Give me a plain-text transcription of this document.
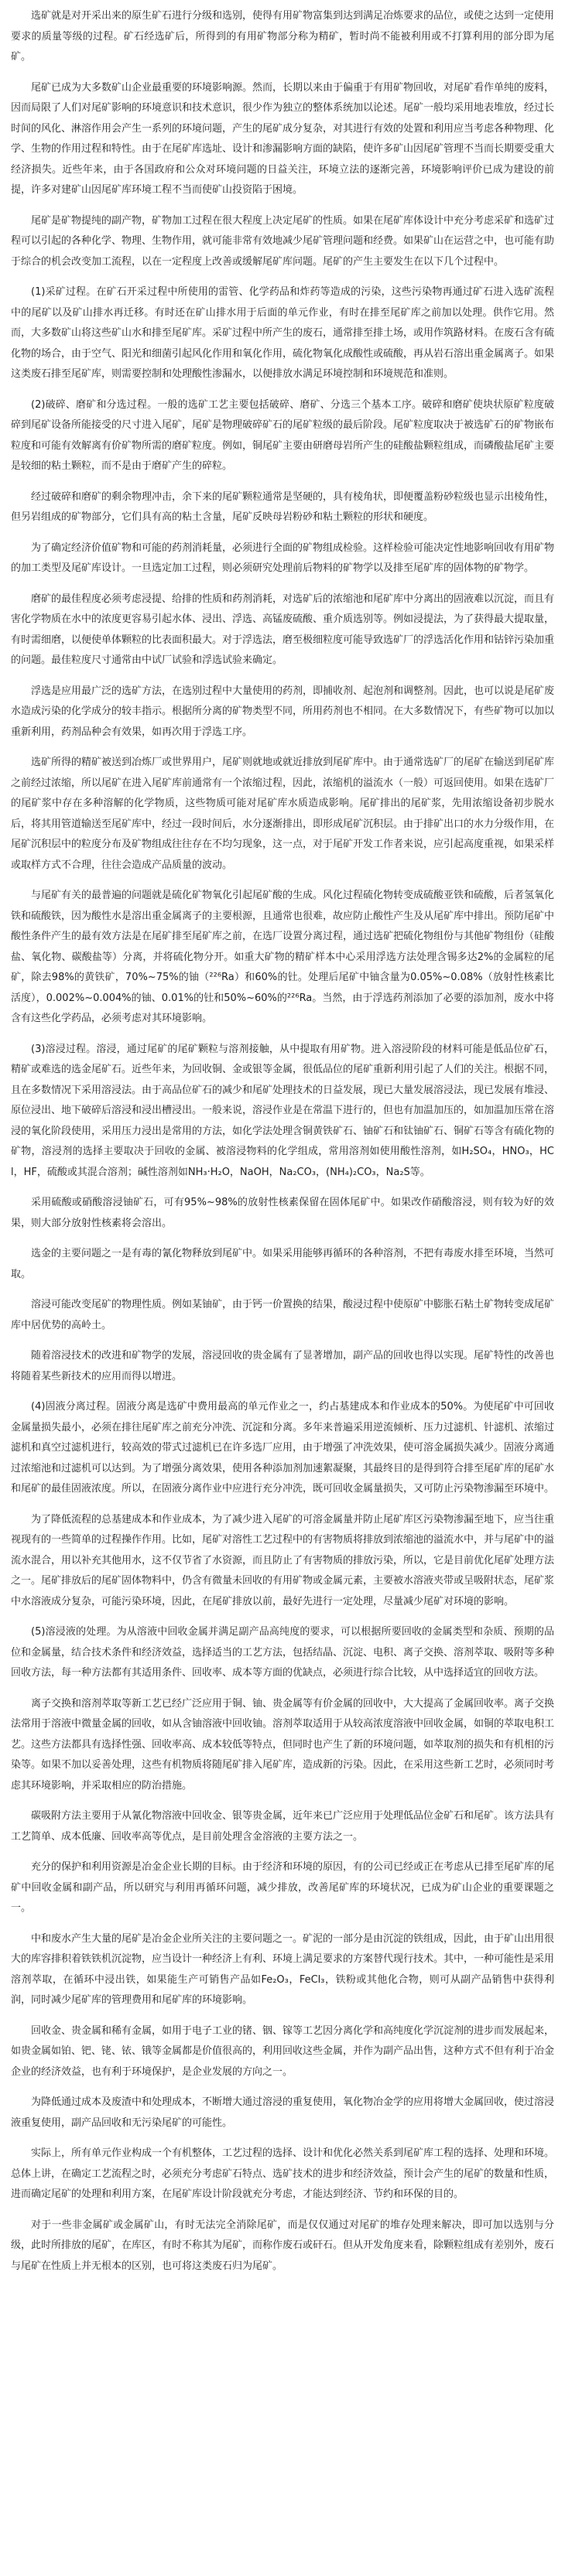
选矿就是对开采出来的原生矿石进行分级和选别，使得有用矿物富集到达到满足冶炼要求的品位，或使之达到一定使用要求的质量等级的过程。矿石经选矿后，所得到的有用矿物部分称为精矿，暂时尚不能被利用或不打算利用的部分即为尾矿。

尾矿已成为大多数矿山企业最重要的环境影响源。然而，长期以来由于偏重于有用矿物回收，对尾矿看作单纯的废料，因而局限了人们对尾矿影响的环境意识和技术意识，很少作为独立的整体系统加以论述。尾矿一般均采用地表堆放，经过长时间的风化、淋溶作用会产生一系列的环境问题，产生的尾矿成分复杂，对其进行有效的处置和利用应当考虑各种物理、化学、生物的作用过程和特性。由于在尾矿库选址、设计和渗漏影响方面的缺陷，使许多矿山因尾矿管理不当而长期要受重大经济损失。近些年来，由于各国政府和公众对环境问题的日益关注，环境立法的逐渐完善，环境影响评价已成为建设的前提，许多对建矿山因尾矿库环境工程不当而使矿山投资陷于困境。

尾矿是矿物提纯的副产物，矿物加工过程在很大程度上决定尾矿的性质。如果在尾矿库体设计中充分考虑采矿和选矿过程可以引起的各种化学、物理、生物作用，就可能非常有效地减少尾矿管理问题和经费。如果矿山在运营之中，也可能有助于综合的机会改变加工流程，以在一定程度上改善或缓解尾矿库问题。尾矿的产生主要发生在以下几个过程中。

(1)采矿过程。在矿石开采过程中所使用的雷管、化学药品和炸药等造成的污染，这些污染物再通过矿石进入选矿流程中的尾矿以及矿山排水再迁移。有时还在矿山排水用于后面的单元作业，有时在排至尾矿库之前加以处理。供作它用。然而，大多数矿山将这些矿山水和排至尾矿库。采矿过程中所产生的废石，通常排至排土场，或用作筑路材料。在废石含有硫化物的场合，由于空气、阳光和细菌引起风化作用和氧化作用，硫化物氧化成酸性或硫酸，再从岩石溶出重金属离子。如果这类废石排至尾矿库，则需要控制和处理酸性渗漏水，以便排放水满足环境控制和环境规范和准则。

(2)破碎、磨矿和分选过程。一般的选矿工艺主要包括破碎、磨矿、分选三个基本工序。破碎和磨矿使块状原矿粒度破碎到尾矿设备所能接受的尺寸进入尾矿，尾矿是物理破碎矿石的尾矿粒级的最后阶段。尾矿粒度取决于被选矿石的矿物嵌布粒度和可能有效解离有价矿物所需的磨矿粒度。例如，铜尾矿主要由研磨母岩所产生的硅酸盐颗粒组成，而磷酸盐尾矿主要是较细的粘土颗粒，而不是由于磨矿产生的碎粒。

经过破碎和磨矿的剩余物理冲击，余下来的尾矿颗粒通常是坚硬的，具有棱角状，即便覆盖粉砂粒级也显示出棱角性，但另岩组成的矿物部分，它们具有高的粘土含量，尾矿反映母岩粉砂和粘土颗粒的形状和硬度。

为了确定经济价值矿物和可能的药剂消耗量，必须进行全面的矿物组成检验。这样检验可能决定性地影响回收有用矿物的加工类型及尾矿库设计。一旦选定加工过程，则必须研究处理前后物料的矿物学以及排至尾矿库的固体物的矿物学。

磨矿的最佳程度必须考虑浸提、给排的性质和药剂消耗，对选矿后的浓缩池和尾矿库中分离出的固液难以沉淀，而且有害化学物质在水中的浓度更容易引起水体、浸出、浮选、高锰废硫酸、重介质选别等。例如浸提法，为了获得最大提取量，有时需细磨，以便使单体颗粒的比表面积最大。对于浮选法，磨至极细粒度可能导致选矿厂的浮选活化作用和钴锌污染加重的问题。最佳粒度尺寸通常由中试厂试验和浮选试验来确定。

浮选是应用最广泛的选矿方法，在选别过程中大量使用的药剂，即捕收剂、起泡剂和调整剂。因此，也可以说是尾矿废水造成污染的化学成分的较丰指示。根据所分离的矿物类型不同，所用药剂也不相同。在大多数情况下，有些矿物可以加以重新利用，药剂品种会有效果，如再次用于浮选工序。

选矿所得的精矿被送到冶炼厂或世界用户，尾矿则就地或就近排放到尾矿库中。由于通常选矿厂的尾矿在输送到尾矿库之前经过浓缩，所以尾矿在进入尾矿库前通常有一个浓缩过程，因此，浓缩机的溢流水（一般）可返回使用。如果在选矿厂的尾矿浆中存在多种溶解的化学物质，这些物质可能对尾矿库水质造成影响。尾矿排出的尾矿浆，先用浓缩设备初步脱水后，将其用管道输送至尾矿库中，经过一段时间后，水分逐渐排出，即形成尾矿沉积层。由于排矿出口的水力分级作用，在尾矿沉积层中的粒度分布及矿物组成往往存在不均匀现象，这一点，对于尾矿开发工作者来说，应引起高度重视，如果采样或取样方式不合理，往往会造成产品质量的波动。

与尾矿有关的最普遍的问题就是硫化矿物氧化引起尾矿酸的生成。风化过程硫化物转变成硫酸亚铁和硫酸，后者氢氧化铁和硫酸铁，因为酸性水是溶出重金属离子的主要根源，且通常也很难，故应防止酸性产生及从尾矿库中排出。预防尾矿中酸性条件产生的最有效方法是在尾矿排至尾矿库之前，在选厂设置分离过程，通过选矿把硫化物组份与其他矿物组份（硅酸盐、氧化物、碳酸盐等）分离，并将硫化物分开。如重大矿物的精矿样本中心采用浮选方法处理含锡多达2%的金属粒的尾矿，除去98%的黄铁矿，70%~75%的铀（²²⁶Ra）和60%的钍。处理后尾矿中铀含量为0.05%~0.08%（放射性核素比活度），0.002%~0.004%的铀、0.01%的钍和50%~60%的²²⁶Ra。当然，由于浮选药剂添加了必要的添加剂，废水中将含有这些化学药品，必须考虑对其环境影响。

(3)溶浸过程。溶浸，通过尾矿的尾矿颗粒与溶剂接触，从中提取有用矿物。进入溶浸阶段的材料可能是低品位矿石，精矿或难选的选金尾矿石。近些年来，为回收铜、金或银等金属，很低品位的尾矿重新利用引起了人们的关注。根据不同，且在多数情况下采用溶浸法。由于高品位矿石的减少和尾矿处理技术的日益发展，现已大量发展溶浸法，现已发展有堆浸、原位浸出、地下破碎后溶浸和浸出槽浸出。一般来说，溶浸作业是在常温下进行的，但也有加温加压的，如加温加压常在溶浸的氧化阶段使用，采用压力浸出是常用的方法，如化学法处理含铜黄铁矿石、铀矿石和钛铀矿石、铜矿石等含有硫化物的矿物，溶浸剂的选择主要取决于回收的金属、被溶浸物料的化学组成，常用溶剂如使用酸性溶剂，如H₂SO₄，HNO₃，HCl，HF，硫酸或其混合溶剂；碱性溶剂如NH₃·H₂O，NaOH，Na₂CO₃，(NH₄)₂CO₃，Na₂S等。

采用硫酸或硝酸溶浸铀矿石，可有95%~98%的放射性核素保留在固体尾矿中。如果改作硝酸溶浸，则有较为好的效果，则大部分放射性核素将会溶出。

选金的主要问题之一是有毒的氰化物释放到尾矿中。如果采用能够再循环的各种溶剂，不把有毒废水排至环境，当然可取。

溶浸可能改变尾矿的物理性质。例如某铀矿，由于钙一价置换的结果，酸浸过程中使原矿中膨胀石粘土矿物转变成尾矿库中居优势的高岭土。

随着溶浸技术的改进和矿物学的发展，溶浸回收的贵金属有了显著增加，副产品的回收也得以实现。尾矿特性的改善也将随着某些新技术的应用而得以增进。

(4)固液分离过程。固液分离是选矿中费用最高的单元作业之一，约占基建成本和作业成本的50%。为使尾矿中可回收金属量损失最小，必须在排往尾矿库之前充分冲洗、沉淀和分离。多年来普遍采用逆流倾析、压力过滤机、针滤机、浓缩过滤机和真空过滤机进行，较高效的带式过滤机已在许多选厂应用，由于增强了冲洗效果，使可溶金属损失减少。固液分离通过浓缩池和过滤机可以达到。为了增强分离效果，使用各种添加剂加速絮凝聚，其最终目的是得到符合排至尾矿库的尾矿水和尾矿的最佳固液浓度。所以，在固液分离作业中应进行充分冲洗，既可回收金属量损失，又可防止污染物渗漏至环境中。

为了降低流程的总基建成本和作业成本，为了减少进入尾矿的可溶金属量并防止尾矿库区污染物渗漏至地下，应当往重视现有的一些简单的过程操作作用。比如，尾矿对溶性工艺过程中的有害物质将排放到浓缩池的溢流水中，并与尾矿中的溢流水混合，用以补充其他用水，这不仅节省了水资源，而且防止了有害物质的排放污染，所以，它是目前优化尾矿处理方法之一。尾矿排放后的尾矿固体物料中，仍含有微量未回收的有用矿物或金属元素，主要被水溶液夹带或呈吸附状态，尾矿浆中水溶液成分复杂，可能污染环境，因此，在尾矿排放以前，最好先进行一定处理，尽量减少尾矿对环境的影响。

(5)溶浸液的处理。为从溶液中回收金属并满足副产品高纯度的要求，可以根据所要回收的金属类型和杂质、预期的品位和金属量，结合技术条件和经济效益，选择适当的工艺方法，包括结晶、沉淀、电积、离子交换、溶剂萃取、吸附等多种回收方法，每一种方法都有其适用条件、回收率、成本等方面的优缺点，必须进行综合比较，从中选择适宜的回收方法。

离子交换和溶剂萃取等新工艺已经广泛应用于铜、铀、贵金属等有价金属的回收中，大大提高了金属回收率。离子交换法常用于溶液中微量金属的回收，如从含铀溶液中回收铀。溶剂萃取适用于从较高浓度溶液中回收金属，如铜的萃取电积工艺。这些方法都具有选择性强、回收率高、成本较低等特点，但同时也产生了新的环境问题，如萃取剂的损失和有机相的污染等。如果不加以妥善处理，这些有机物质将随尾矿排入尾矿库，造成新的污染。因此，在采用这些新工艺时，必须同时考虑其环境影响，并采取相应的防治措施。

碳吸附方法主要用于从氰化物溶液中回收金、银等贵金属，近年来已广泛应用于处理低品位金矿石和尾矿。该方法具有工艺简单、成本低廉、回收率高等优点，是目前处理含金溶液的主要方法之一。

充分的保护和利用资源是冶金企业长期的目标。由于经济和环境的原因，有的公司已经或正在考虑从已排至尾矿库的尾矿中回收金属和副产品，所以研究与利用再循环问题，减少排放，改善尾矿库的环境状况，已成为矿山企业的重要课题之一。

中和废水产生大量的尾矿是冶金企业所关注的主要问题之一。矿泥的一部分是由沉淀的铁组成，因此，由于矿山出用很大的库容排积着铁铁机沉淀物，应当设计一种经济上有利、环境上满足要求的方案替代现行技术。其中，一种可能性是采用溶剂萃取，在循环中浸出铁，如果能生产可销售产品如Fe₂O₃，FeCl₃，铁粉或其他化合物，则可从副产品销售中获得利润，同时减少尾矿库的管理费用和尾矿库的环境影响。

回收金、贵金属和稀有金属，如用于电子工业的锗、铟、镓等工艺因分离化学和高纯度化学沉淀剂的进步而发展起来，如贵金属如铂、钯、铑、铱、锇等金属都是价值很高的，利用回收这些金属，并作为副产品出售，这种方式不但有利于冶金企业的经济效益，也有利于环境保护，是企业发展的方向之一。

为降低通过成本及废渣中和处理成本，不断增大通过溶浸的重复使用，氧化物冶金学的应用将增大金属回收，使过溶浸液重复使用，副产品回收和无污染尾矿的可能性。

实际上，所有单元作业构成一个有机整体，工艺过程的选择、设计和优化必然关系到尾矿库工程的选择、处理和环境。总体上讲，在确定工艺流程之时，必须充分考虑矿石特点、选矿技术的进步和经济效益，预计会产生的尾矿的数量和性质，进而确定尾矿的处理和利用方案，在尾矿库设计阶段就充分考虑，才能达到经济、节约和环保的目的。

对于一些非金属矿或金属矿山，有时无法完全消除尾矿，而是仅仅通过对尾矿的堆存处理来解决，即可加以选别与分级，此时所排放的尾矿，在库区，有时不称其为尾矿，而称作废石或矸石。但从开发角度来看，除颗粒组成有差别外，废石与尾矿在性质上并无根本的区别，也可将这类废石归为尾矿。
